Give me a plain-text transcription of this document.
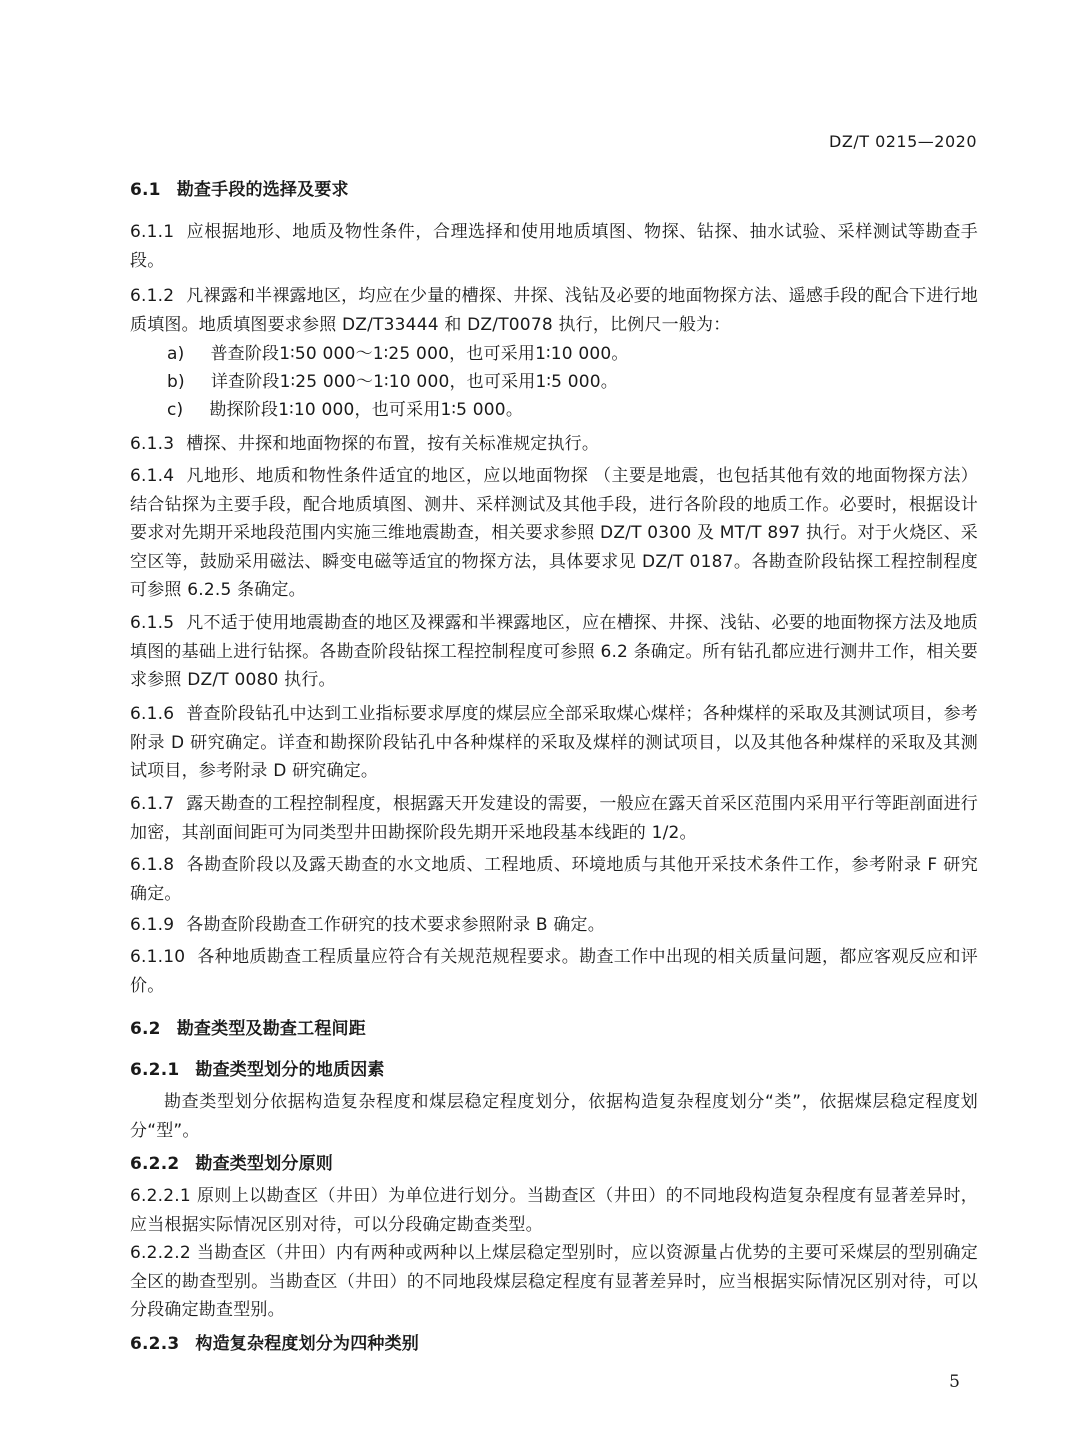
DZ/T 0215—2020
6.1 勘查手段的选择及要求
6.1.1 应根据地形、地质及物性条件，合理选择和使用地质填图、物探、钻探、抽水试验、采样测试等勘查手段。
6.1.2 凡裸露和半裸露地区，均应在少量的槽探、井探、浅钻及必要的地面物探方法、遥感手段的配合下进行地质填图。地质填图要求参照 DZ/T33444 和 DZ/T0078 执行，比例尺一般为：
a) 普查阶段1∶50 000～1∶25 000，也可采用1∶10 000。
b) 详查阶段1∶25 000～1∶10 000，也可采用1∶5 000。
c) 勘探阶段1∶10 000，也可采用1∶5 000。
6.1.3 槽探、井探和地面物探的布置，按有关标准规定执行。
6.1.4 凡地形、地质和物性条件适宜的地区，应以地面物探 （主要是地震，也包括其他有效的地面物探方法） 结合钻探为主要手段，配合地质填图、测井、采样测试及其他手段，进行各阶段的地质工作。必要时，根据设计要求对先期开采地段范围内实施三维地震勘查，相关要求参照 DZ/T 0300 及 MT/T 897 执行。对于火烧区、采空区等，鼓励采用磁法、瞬变电磁等适宜的物探方法，具体要求见 DZ/T 0187。各勘查阶段钻探工程控制程度可参照 6.2.5 条确定。
6.1.5 凡不适于使用地震勘查的地区及裸露和半裸露地区，应在槽探、井探、浅钻、必要的地面物探方法及地质填图的基础上进行钻探。各勘查阶段钻探工程控制程度可参照 6.2 条确定。所有钻孔都应进行测井工作，相关要求参照 DZ/T 0080 执行。
6.1.6 普查阶段钻孔中达到工业指标要求厚度的煤层应全部采取煤心煤样；各种煤样的采取及其测试项目，参考附录 D 研究确定。详查和勘探阶段钻孔中各种煤样的采取及煤样的测试项目，以及其他各种煤样的采取及其测试项目，参考附录 D 研究确定。
6.1.7 露天勘查的工程控制程度，根据露天开发建设的需要，一般应在露天首采区范围内采用平行等距剖面进行加密，其剖面间距可为同类型井田勘探阶段先期开采地段基本线距的 1/2。
6.1.8 各勘查阶段以及露天勘查的水文地质、工程地质、环境地质与其他开采技术条件工作，参考附录 F 研究确定。
6.1.9 各勘查阶段勘查工作研究的技术要求参照附录 B 确定。
6.1.10 各种地质勘查工程质量应符合有关规范规程要求。勘查工作中出现的相关质量问题，都应客观反应和评价。
6.2 勘查类型及勘查工程间距
6.2.1 勘查类型划分的地质因素
勘查类型划分依据构造复杂程度和煤层稳定程度划分，依据构造复杂程度划分“类”，依据煤层稳定程度划分“型”。
6.2.2 勘查类型划分原则
6.2.2.1 原则上以勘查区（井田）为单位进行划分。当勘查区（井田）的不同地段构造复杂程度有显著差异时，应当根据实际情况区别对待，可以分段确定勘查类型。
6.2.2.2 当勘查区（井田）内有两种或两种以上煤层稳定型别时，应以资源量占优势的主要可采煤层的型别确定全区的勘查型别。当勘查区（井田）的不同地段煤层稳定程度有显著差异时，应当根据实际情况区别对待，可以分段确定勘查型别。
6.2.3 构造复杂程度划分为四种类别
5
